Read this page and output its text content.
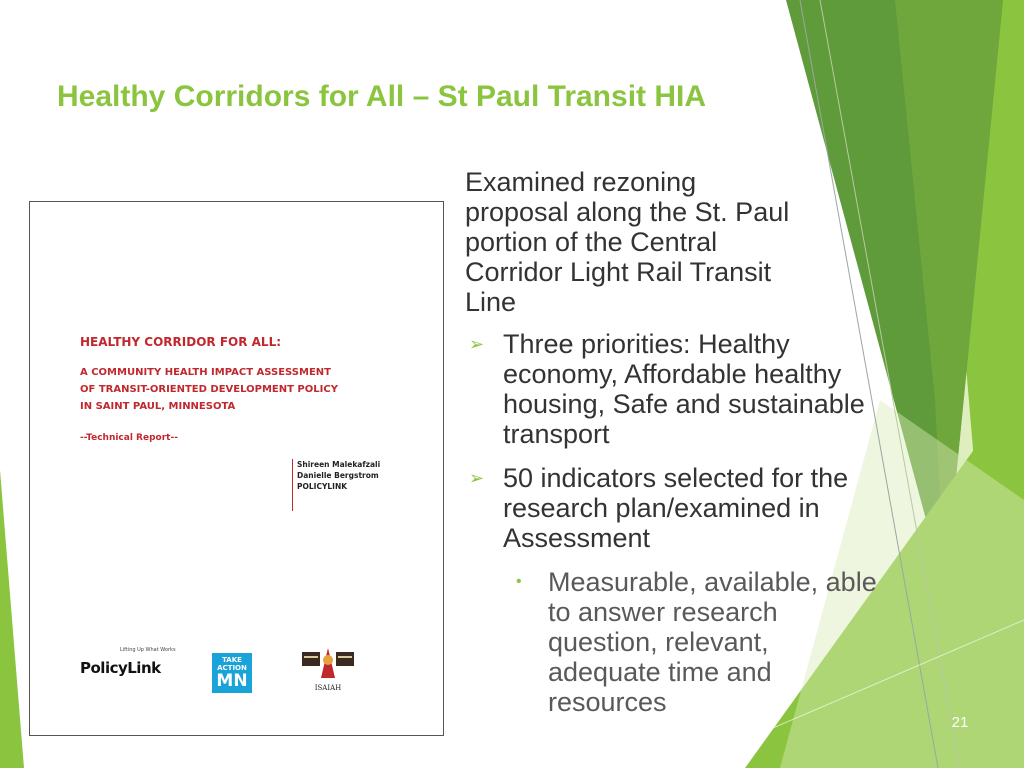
Healthy Corridors for All – St Paul Transit HIA
HEALTHY CORRIDOR FOR ALL:
A COMMUNITY HEALTH IMPACT ASSESSMENT
OF TRANSIT-ORIENTED DEVELOPMENT POLICY
IN SAINT PAUL, MINNESOTA
--Technical Report--
Shireen Malekafzali
Danielle Bergstrom
POLICYLINK
Lifting Up What Works
PolicyLink	TAKE ACTION
MN	ISAIAH

Examined rezoning proposal along the St. Paul portion of the Central Corridor Light Rail Transit Line

➢ Three priorities: Healthy economy, Affordable healthy housing, Safe and sustainable transport
➢ 50 indicators selected for the research plan/examined in Assessment
• Measurable, available, able to answer research question, relevant, adequate time and resources
21
